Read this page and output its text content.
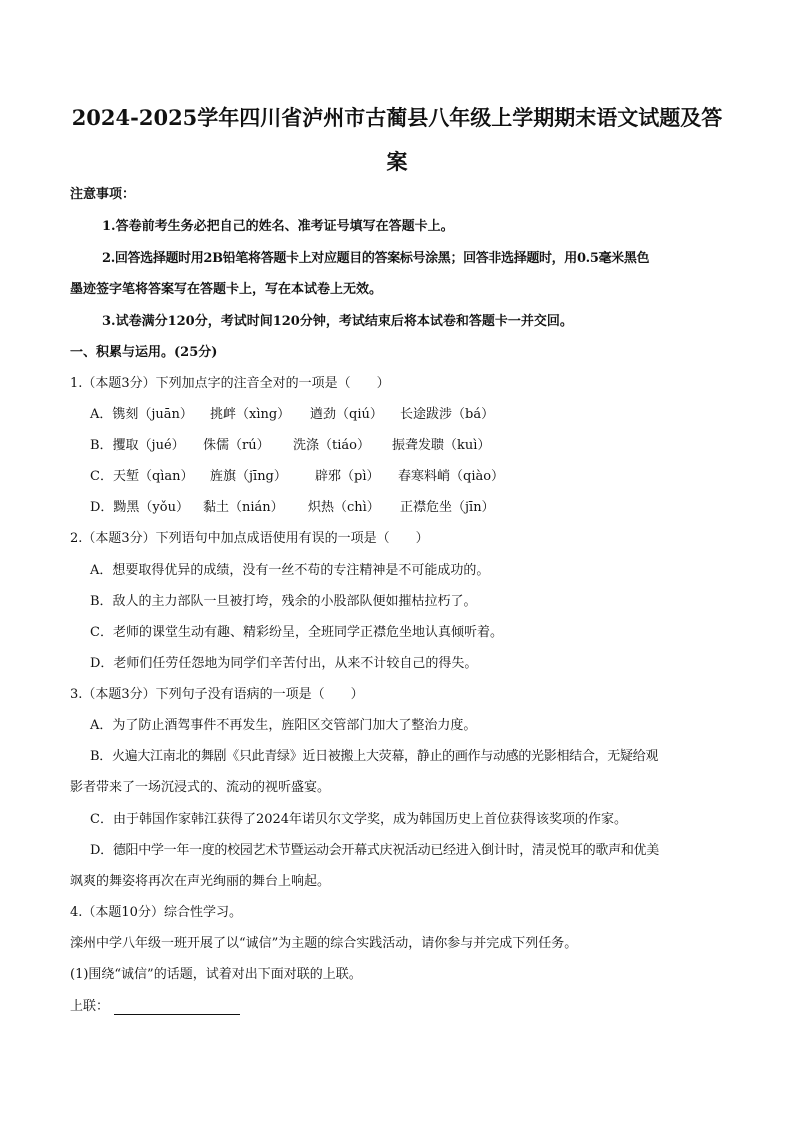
2024-2025学年四川省泸州市古蔺县八年级上学期期末语文试题及答
案
注意事项：
1.答卷前考生务必把自己的姓名、准考证号填写在答题卡上。
2.回答选择题时用2B铅笔将答题卡上对应题目的答案标号涂黑；回答非选择题时，用0.5毫米黑色
墨迹签字笔将答案写在答题卡上，写在本试卷上无效。
3.试卷满分120分，考试时间120分钟，考试结束后将本试卷和答题卡一并交回。
一、积累与运用。(25分)
1.（本题3分）下列加点字的注音全对的一项是（　　）
A．镌刻（juān） 挑衅（xìng） 遒劲（qiú） 长途跋涉（bá）
B．攫取（jué） 侏儒（rú） 洗涤（tiáo） 振聋发聩（kuì）
C．天堑（qìan） 旌旗（jīng） 辟邪（pì） 春寒料峭（qiào）
D．黝黑（yǒu） 黏土（nián） 炽热（chì） 正襟危坐（jīn）
2.（本题3分）下列语句中加点成语使用有误的一项是（　　）
A．想要取得优异的成绩，没有一丝不苟的专注精神是不可能成功的。
B．敌人的主力部队一旦被打垮，残余的小股部队便如摧枯拉朽了。
C．老师的课堂生动有趣、精彩纷呈，全班同学正襟危坐地认真倾听着。
D．老师们任劳任怨地为同学们辛苦付出，从来不计较自己的得失。
3.（本题3分）下列句子没有语病的一项是（　　）
A．为了防止酒驾事件不再发生，旌阳区交管部门加大了整治力度。
B．火遍大江南北的舞剧《只此青绿》近日被搬上大荧幕，静止的画作与动感的光影相结合，无疑给观
影者带来了一场沉浸式的、流动的视听盛宴。
C．由于韩国作家韩江获得了2024年诺贝尔文学奖，成为韩国历史上首位获得该奖项的作家。
D．德阳中学一年一度的校园艺术节暨运动会开幕式庆祝活动已经进入倒计时，清灵悦耳的歌声和优美
飒爽的舞姿将再次在声光绚丽的舞台上响起。
4.（本题10分）综合性学习。
滦州中学八年级一班开展了以“诚信”为主题的综合实践活动，请你参与并完成下列任务。
(1)围绕“诚信”的话题，试着对出下面对联的上联。
上联：
